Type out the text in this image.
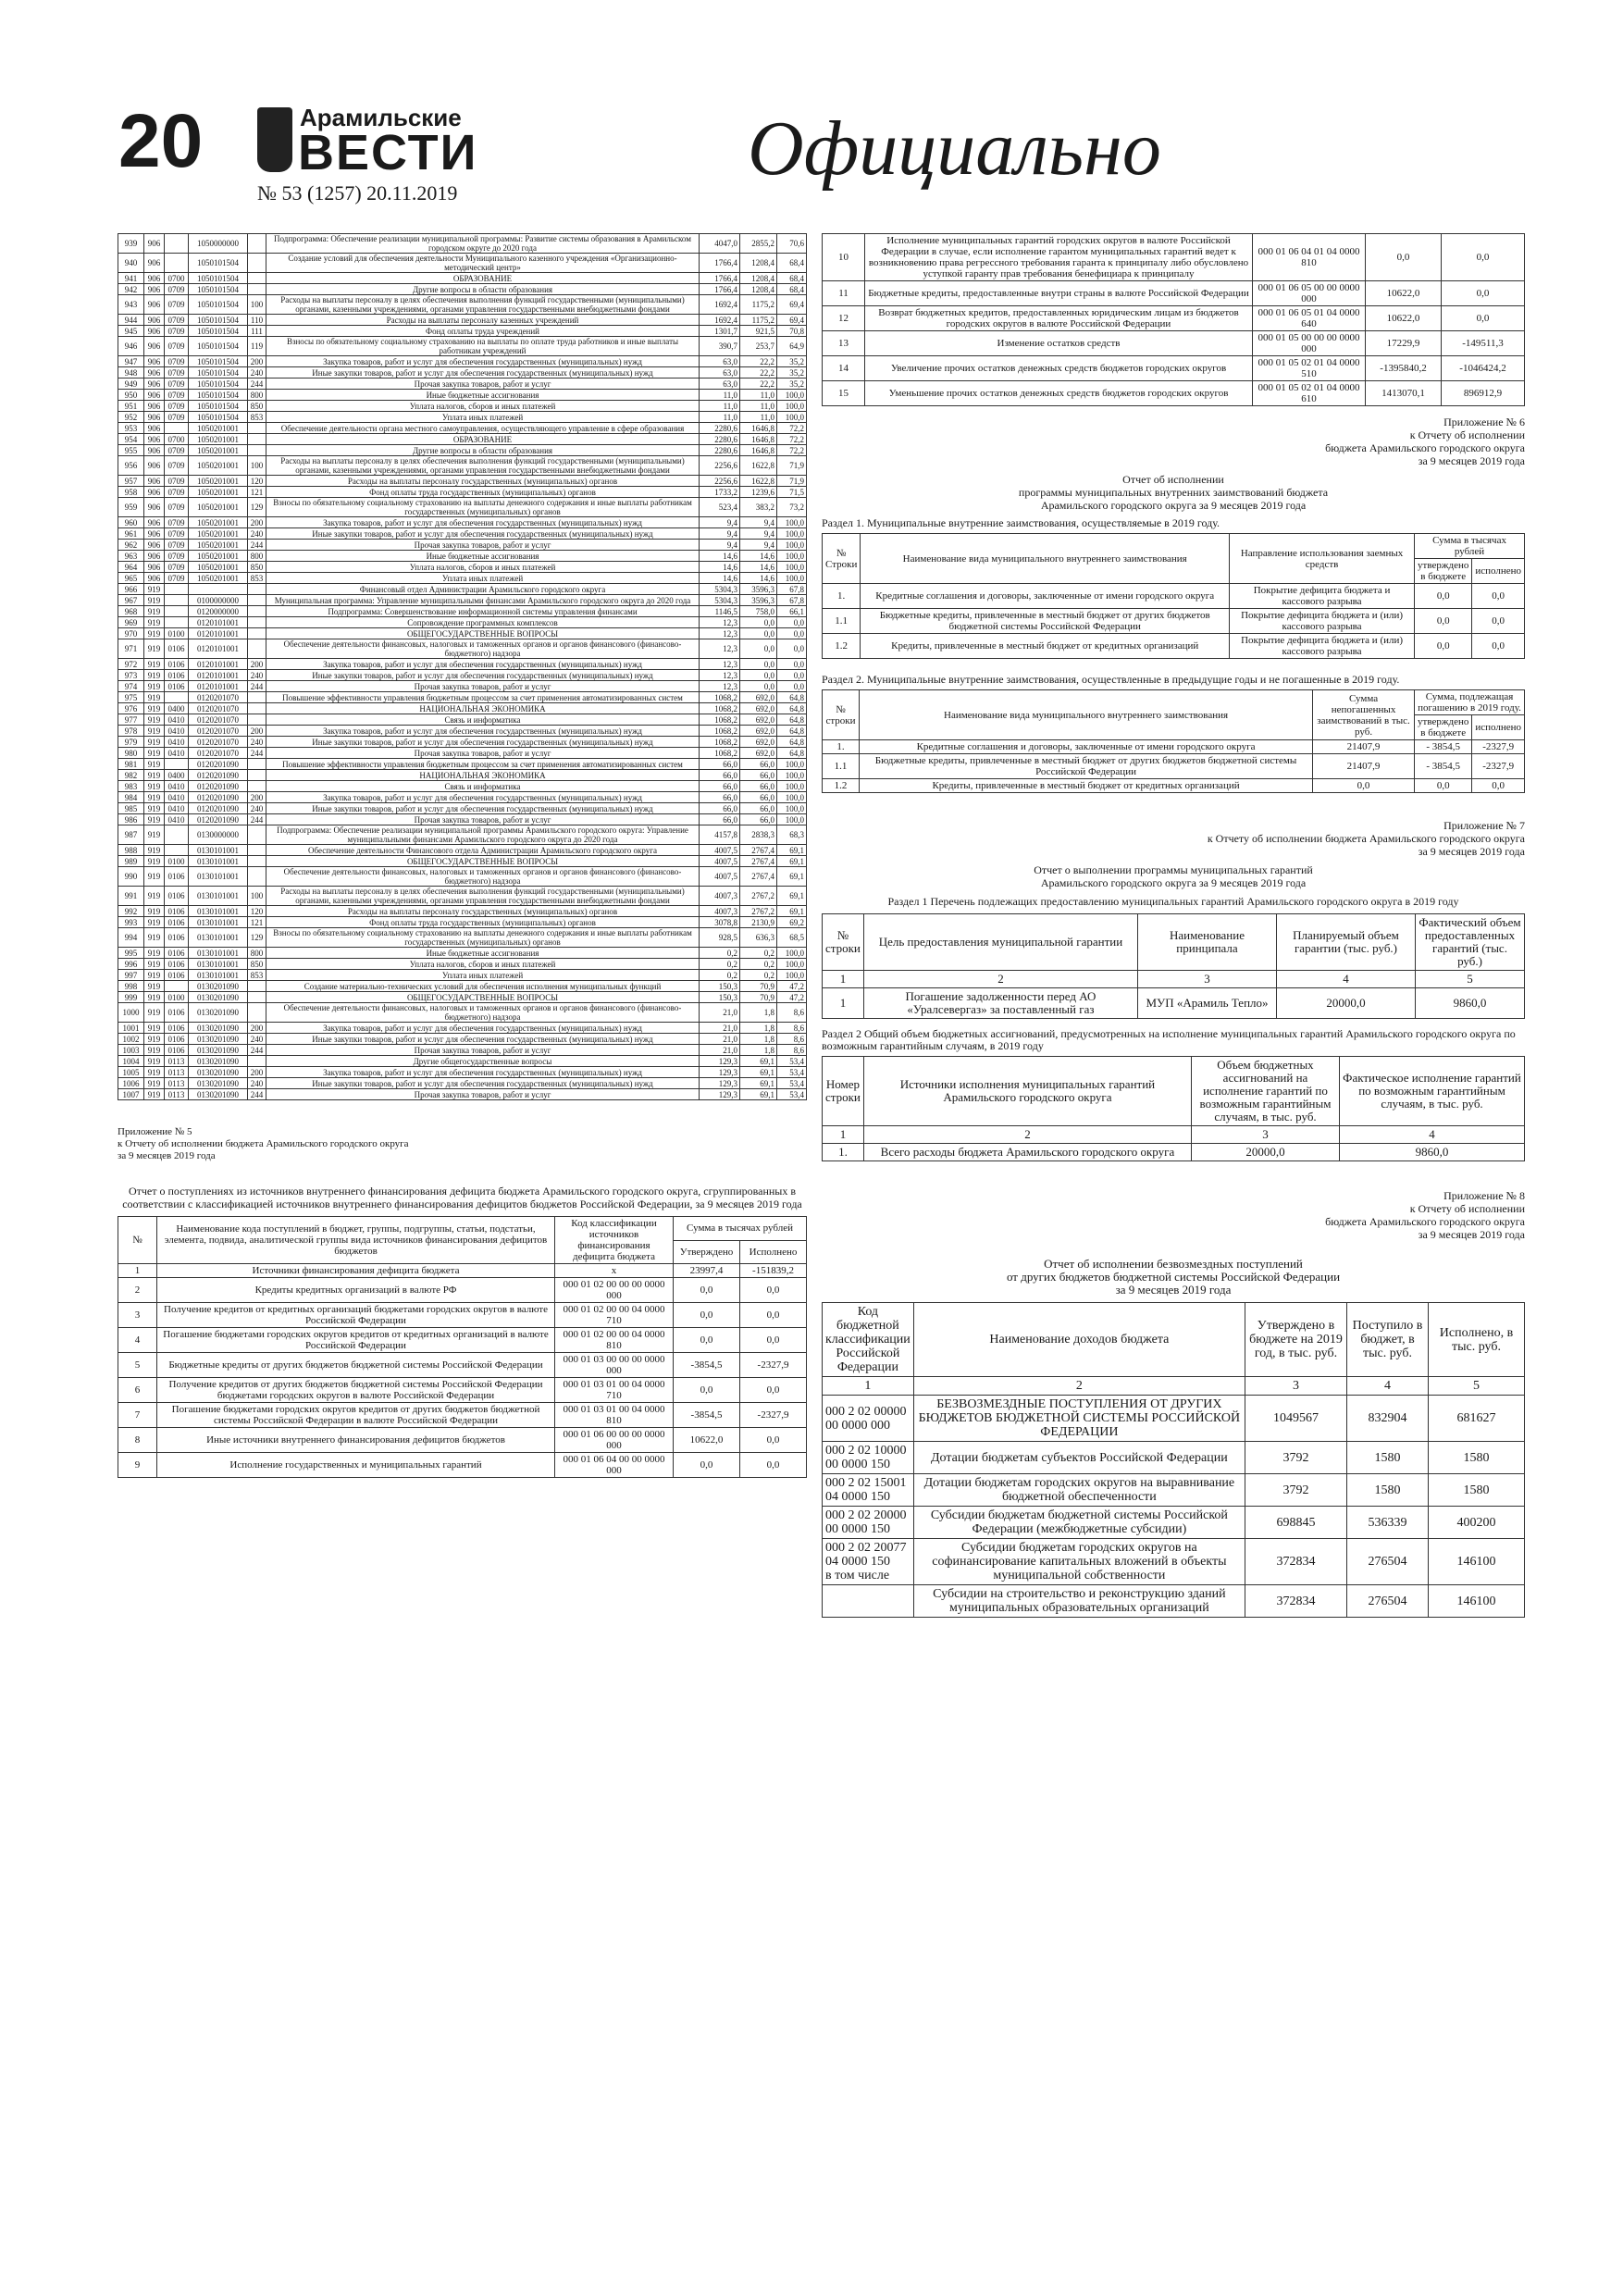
20	Арамильские
ВЕСТИ
№ 53 (1257) 20.11.2019
Официально
939	906		1050000000		Подпрограмма: Обеспечение реализации муниципальной программы: Развитие системы образования в Арамильском городском округе до 2020 года	4047,0	2855,2	70,6
940	906		1050101504		Создание условий для обеспечения деятельности Муниципального казенного учреждения «Организационно-методический центр»	1766,4	1208,4	68,4
941	906	0700	1050101504		ОБРАЗОВАНИЕ	1766,4	1208,4	68,4
942	906	0709	1050101504		Другие вопросы в области образования	1766,4	1208,4	68,4
943	906	0709	1050101504	100	Расходы на выплаты персоналу в целях обеспечения выполнения функций государственными (муниципальными) органами, казенными учреждениями, органами управления государственными внебюджетными фондами	1692,4	1175,2	69,4
944	906	0709	1050101504	110	Расходы на выплаты персоналу казенных учреждений	1692,4	1175,2	69,4
945	906	0709	1050101504	111	Фонд оплаты труда учреждений	1301,7	921,5	70,8
946	906	0709	1050101504	119	Взносы по обязательному социальному страхованию на выплаты по оплате труда работников и иные выплаты работникам учреждений	390,7	253,7	64,9
947	906	0709	1050101504	200	Закупка товаров, работ и услуг для обеспечения государственных (муниципальных) нужд	63,0	22,2	35,2
948	906	0709	1050101504	240	Иные закупки товаров, работ и услуг для обеспечения государственных (муниципальных) нужд	63,0	22,2	35,2
949	906	0709	1050101504	244	Прочая закупка товаров, работ и услуг	63,0	22,2	35,2
950	906	0709	1050101504	800	Иные бюджетные ассигнования	11,0	11,0	100,0
951	906	0709	1050101504	850	Уплата налогов, сборов и иных платежей	11,0	11,0	100,0
952	906	0709	1050101504	853	Уплата иных платежей	11,0	11,0	100,0
953	906		1050201001		Обеспечение деятельности органа местного самоуправления, осуществляющего управление в сфере образования	2280,6	1646,8	72,2
954	906	0700	1050201001		ОБРАЗОВАНИЕ	2280,6	1646,8	72,2
955	906	0709	1050201001		Другие вопросы в области образования	2280,6	1646,8	72,2
956	906	0709	1050201001	100	Расходы на выплаты персоналу в целях обеспечения выполнения функций государственными (муниципальными) органами, казенными учреждениями, органами управления государственными внебюджетными фондами	2256,6	1622,8	71,9
957	906	0709	1050201001	120	Расходы на выплаты персоналу государственных (муниципальных) органов	2256,6	1622,8	71,9
958	906	0709	1050201001	121	Фонд оплаты труда государственных (муниципальных) органов	1733,2	1239,6	71,5
959	906	0709	1050201001	129	Взносы по обязательному социальному страхованию на выплаты денежного содержания и иные выплаты работникам государственных (муниципальных) органов	523,4	383,2	73,2
960	906	0709	1050201001	200	Закупка товаров, работ и услуг для обеспечения государственных (муниципальных) нужд	9,4	9,4	100,0
961	906	0709	1050201001	240	Иные закупки товаров, работ и услуг для обеспечения государственных (муниципальных) нужд	9,4	9,4	100,0
962	906	0709	1050201001	244	Прочая закупка товаров, работ и услуг	9,4	9,4	100,0
963	906	0709	1050201001	800	Иные бюджетные ассигнования	14,6	14,6	100,0
964	906	0709	1050201001	850	Уплата налогов, сборов и иных платежей	14,6	14,6	100,0
965	906	0709	1050201001	853	Уплата иных платежей	14,6	14,6	100,0
966	919				Финансовый отдел Администрации Арамильского городского округа	5304,3	3596,3	67,8
967	919		0100000000		Муниципальная программа: Управление муниципальными финансами Арамильского городского округа до 2020 года	5304,3	3596,3	67,8
968	919		0120000000		Подпрограмма: Совершенствование информационной системы управления финансами	1146,5	758,0	66,1
969	919		0120101001		Сопровождение программных комплексов	12,3	0,0	0,0
970	919	0100	0120101001		ОБЩЕГОСУДАРСТВЕННЫЕ ВОПРОСЫ	12,3	0,0	0,0
971	919	0106	0120101001		Обеспечение деятельности финансовых, налоговых и таможенных органов и органов финансового (финансово-бюджетного) надзора	12,3	0,0	0,0
972	919	0106	0120101001	200	Закупка товаров, работ и услуг для обеспечения государственных (муниципальных) нужд	12,3	0,0	0,0
973	919	0106	0120101001	240	Иные закупки товаров, работ и услуг для обеспечения государственных (муниципальных) нужд	12,3	0,0	0,0
974	919	0106	0120101001	244	Прочая закупка товаров, работ и услуг	12,3	0,0	0,0
975	919		0120201070		Повышение эффективности управления бюджетным процессом за счет применения автоматизированных систем	1068,2	692,0	64,8
976	919	0400	0120201070		НАЦИОНАЛЬНАЯ ЭКОНОМИКА	1068,2	692,0	64,8
977	919	0410	0120201070		Связь и информатика	1068,2	692,0	64,8
978	919	0410	0120201070	200	Закупка товаров, работ и услуг для обеспечения государственных (муниципальных) нужд	1068,2	692,0	64,8
979	919	0410	0120201070	240	Иные закупки товаров, работ и услуг для обеспечения государственных (муниципальных) нужд	1068,2	692,0	64,8
980	919	0410	0120201070	244	Прочая закупка товаров, работ и услуг	1068,2	692,0	64,8
981	919		0120201090		Повышение эффективности управления бюджетным процессом за счет применения автоматизированных систем	66,0	66,0	100,0
982	919	0400	0120201090		НАЦИОНАЛЬНАЯ ЭКОНОМИКА	66,0	66,0	100,0
983	919	0410	0120201090		Связь и информатика	66,0	66,0	100,0
984	919	0410	0120201090	200	Закупка товаров, работ и услуг для обеспечения государственных (муниципальных) нужд	66,0	66,0	100,0
985	919	0410	0120201090	240	Иные закупки товаров, работ и услуг для обеспечения государственных (муниципальных) нужд	66,0	66,0	100,0
986	919	0410	0120201090	244	Прочая закупка товаров, работ и услуг	66,0	66,0	100,0
987	919		0130000000		Подпрограмма: Обеспечение реализации муниципальной программы Арамильского городского округа: Управление муниципальными финансами Арамильского городского округа до 2020 года	4157,8	2838,3	68,3
988	919		0130101001		Обеспечение деятельности Финансового отдела Администрации Арамильского городского округа	4007,5	2767,4	69,1
989	919	0100	0130101001		ОБЩЕГОСУДАРСТВЕННЫЕ ВОПРОСЫ	4007,5	2767,4	69,1
990	919	0106	0130101001		Обеспечение деятельности финансовых, налоговых и таможенных органов и органов финансового (финансово-бюджетного) надзора	4007,5	2767,4	69,1
991	919	0106	0130101001	100	Расходы на выплаты персоналу в целях обеспечения выполнения функций государственными (муниципальными) органами, казенными учреждениями, органами управления государственными внебюджетными фондами	4007,3	2767,2	69,1
992	919	0106	0130101001	120	Расходы на выплаты персоналу государственных (муниципальных) органов	4007,3	2767,2	69,1
993	919	0106	0130101001	121	Фонд оплаты труда государственных (муниципальных) органов	3078,8	2130,9	69,2
994	919	0106	0130101001	129	Взносы по обязательному социальному страхованию на выплаты денежного содержания и иные выплаты работникам государственных (муниципальных) органов	928,5	636,3	68,5
995	919	0106	0130101001	800	Иные бюджетные ассигнования	0,2	0,2	100,0
996	919	0106	0130101001	850	Уплата налогов, сборов и иных платежей	0,2	0,2	100,0
997	919	0106	0130101001	853	Уплата иных платежей	0,2	0,2	100,0
998	919		0130201090		Создание материально-технических условий для обеспечения исполнения муниципальных функций	150,3	70,9	47,2
999	919	0100	0130201090		ОБЩЕГОСУДАРСТВЕННЫЕ ВОПРОСЫ	150,3	70,9	47,2
1000	919	0106	0130201090		Обеспечение деятельности финансовых, налоговых и таможенных органов и органов финансового (финансово-бюджетного) надзора	21,0	1,8	8,6
1001	919	0106	0130201090	200	Закупка товаров, работ и услуг для обеспечения государственных (муниципальных) нужд	21,0	1,8	8,6
1002	919	0106	0130201090	240	Иные закупки товаров, работ и услуг для обеспечения государственных (муниципальных) нужд	21,0	1,8	8,6
1003	919	0106	0130201090	244	Прочая закупка товаров, работ и услуг	21,0	1,8	8,6
1004	919	0113	0130201090		Другие общегосударственные вопросы	129,3	69,1	53,4
1005	919	0113	0130201090	200	Закупка товаров, работ и услуг для обеспечения государственных (муниципальных) нужд	129,3	69,1	53,4
1006	919	0113	0130201090	240	Иные закупки товаров, работ и услуг для обеспечения государственных (муниципальных) нужд	129,3	69,1	53,4
1007	919	0113	0130201090	244	Прочая закупка товаров, работ и услуг	129,3	69,1	53,4
Приложение № 5
к Отчету об исполнении бюджета Арамильского городского округа
за 9 месяцев 2019 года
Отчет о поступлениях из источников внутреннего финансирования дефицита бюджета Арамильского городского округа, сгруппированных в соответствии с классификацией источников внутреннего финансирования дефицитов бюджетов Российской Федерации, за 9 месяцев 2019 года
№	Наименование кода поступлений в бюджет, группы, подгруппы, статьи, подстатьи, элемента, подвида, аналитической группы вида источников финансирования дефицитов бюджетов	Код классификации источников финансирования дефицита бюджета	Сумма в тысячах рублей	
			Утверждено	Исполнено
1	Источники финансирования дефицита бюджета	x	23997,4	-151839,2
2	Кредиты кредитных организаций в валюте РФ	000 01 02 00 00 00 0000 000	0,0	0,0
3	Получение кредитов от кредитных организаций бюджетами городских округов в валюте Российской Федерации	000 01 02 00 00 04 0000 710	0,0	0,0
4	Погашение бюджетами городских округов кредитов от кредитных организаций в валюте Российской Федерации	000 01 02 00 00 04 0000 810	0,0	0,0
5	Бюджетные кредиты от других бюджетов бюджетной системы Российской Федерации	000 01 03 00 00 00 0000 000	-3854,5	-2327,9
6	Получение кредитов от других бюджетов бюджетной системы Российской Федерации бюджетами городских округов в валюте Российской Федерации	000 01 03 01 00 04 0000 710	0,0	0,0
7	Погашение бюджетами городских округов кредитов от других бюджетов бюджетной системы Российской Федерации в валюте Российской Федерации	000 01 03 01 00 04 0000 810	-3854,5	-2327,9
8	Иные источники внутреннего финансирования дефицитов бюджетов	000 01 06 00 00 00 0000 000	10622,0	0,0
9	Исполнение государственных и муниципальных гарантий	000 01 06 04 00 00 0000 000	0,0	0,0
10	Исполнение муниципальных гарантий городских округов в валюте Российской Федерации в случае, если исполнение гарантом муниципальных гарантий ведет к возникновению права регрессного требования гаранта к принципалу либо обусловлено уступкой гаранту прав требования бенефициара к принципалу	000 01 06 04 01 04 0000 810	0,0	0,0
11	Бюджетные кредиты, предоставленные внутри страны в валюте Российской Федерации	000 01 06 05 00 00 0000 000	10622,0	0,0
12	Возврат бюджетных кредитов, предоставленных юридическим лицам из бюджетов городских округов в валюте Российской Федерации	000 01 06 05 01 04 0000 640	10622,0	0,0
13	Изменение остатков средств	000 01 05 00 00 00 0000 000	17229,9	-149511,3
14	Увеличение прочих остатков денежных средств бюджетов городских округов	000 01 05 02 01 04 0000 510	-1395840,2	-1046424,2
15	Уменьшение прочих остатков денежных средств бюджетов городских округов	000 01 05 02 01 04 0000 610	1413070,1	896912,9
Приложение № 6
к Отчету об исполнении
бюджета Арамильского городского округа
за 9 месяцев 2019 года
Отчет об исполнении
программы муниципальных внутренних заимствований бюджета
Арамильского городского округа за 9 месяцев 2019 года
Раздел 1. Муниципальные внутренние заимствования, осуществляемые в 2019 году.
№ Строки	Наименование вида муниципального внутреннего заимствования	Направление использования заемных средств	Сумма в тысячах рублей	
			утверждено в бюджете	исполнено
1.	Кредитные соглашения и договоры, заключенные от имени городского округа	Покрытие дефицита бюджета и кассового разрыва	0,0	0,0
1.1	Бюджетные кредиты, привлеченные в местный бюджет от других бюджетов бюджетной системы Российской Федерации	Покрытие дефицита бюджета и (или) кассового разрыва	0,0	0,0
1.2	Кредиты, привлеченные в местный бюджет от кредитных организаций	Покрытие дефицита бюджета и (или) кассового разрыва	0,0	0,0
Раздел 2. Муниципальные внутренние заимствования, осуществленные в предыдущие годы и не погашенные в 2019 году.
№ строки	Наименование вида муниципального внутреннего заимствования	Сумма непогашенных заимствований в тыс. руб.	Сумма, подлежащая погашению в 2019 году.	
			утверждено в бюджете	исполнено
1.	Кредитные соглашения и договоры, заключенные от имени городского округа	21407,9	- 3854,5	-2327,9
1.1	Бюджетные кредиты, привлеченные в местный бюджет от других бюджетов бюджетной системы Российской Федерации	21407,9	- 3854,5	-2327,9
1.2	Кредиты, привлеченные в местный бюджет от кредитных организаций	0,0	0,0	0,0
Приложение № 7
к Отчету об исполнении бюджета Арамильского городского округа
за 9 месяцев 2019 года
Отчет о выполнении программы муниципальных гарантий
Арамильского городского округа за 9 месяцев 2019 года
Раздел 1 Перечень подлежащих предоставлению муниципальных гарантий Арамильского городского округа в 2019 году
№ строки	Цель предоставления муниципальной гарантии	Наименование принципала	Планируемый объем гарантии (тыс. руб.)	Фактический объем предоставленных гарантий (тыс. руб.)
1	2	3	4	5
1	Погашение задолженности перед АО «Уралсевергаз» за поставленный газ	МУП «Арамиль Тепло»	20000,0	9860,0
Раздел 2 Общий объем бюджетных ассигнований, предусмотренных на исполнение муниципальных гарантий Арамильского городского округа по возможным гарантийным случаям, в 2019 году
Номер строки	Источники исполнения муниципальных гарантий Арамильского городского округа	Объем бюджетных ассигнований на исполнение гарантий по возможным гарантийным случаям, в тыс. руб.	Фактическое исполнение гарантий по возможным гарантийным случаям, в тыс. руб.
1	2	3	4
1.	Всего расходы бюджета Арамильского городского округа	20000,0	9860,0
Приложение № 8
к Отчету об исполнении
бюджета Арамильского городского округа
за 9 месяцев 2019 года
Отчет об исполнении безвозмездных поступлений
от других бюджетов бюджетной системы Российской Федерации
за 9 месяцев 2019 года
Код бюджетной классификации Российской Федерации	Наименование доходов бюджета	Утверждено в бюджете на 2019 год, в тыс. руб.	Поступило в бюджет, в тыс. руб.	Исполнено, в тыс. руб.
1	2	3	4	5
000 2 02 00000 00 0000 000	БЕЗВОЗМЕЗДНЫЕ ПОСТУПЛЕНИЯ ОТ ДРУГИХ БЮДЖЕТОВ БЮДЖЕТНОЙ СИСТЕМЫ РОССИЙСКОЙ ФЕДЕРАЦИИ	1049567	832904	681627
000 2 02 10000 00 0000 150	Дотации бюджетам субъектов Российской Федерации	3792	1580	1580
000 2 02 15001 04 0000 150	Дотации бюджетам городских округов на выравнивание бюджетной обеспеченности	3792	1580	1580
000 2 02 20000 00 0000 150	Субсидии бюджетам бюджетной системы Российской Федерации (межбюджетные субсидии)	698845	536339	400200
000 2 02 20077 04 0000 150
в том числе	Субсидии бюджетам городских округов на софинансирование капитальных вложений в объекты муниципальной собственности	372834	276504	146100
	Субсидии на строительство и реконструкцию зданий муниципальных образовательных организаций	372834	276504	146100
